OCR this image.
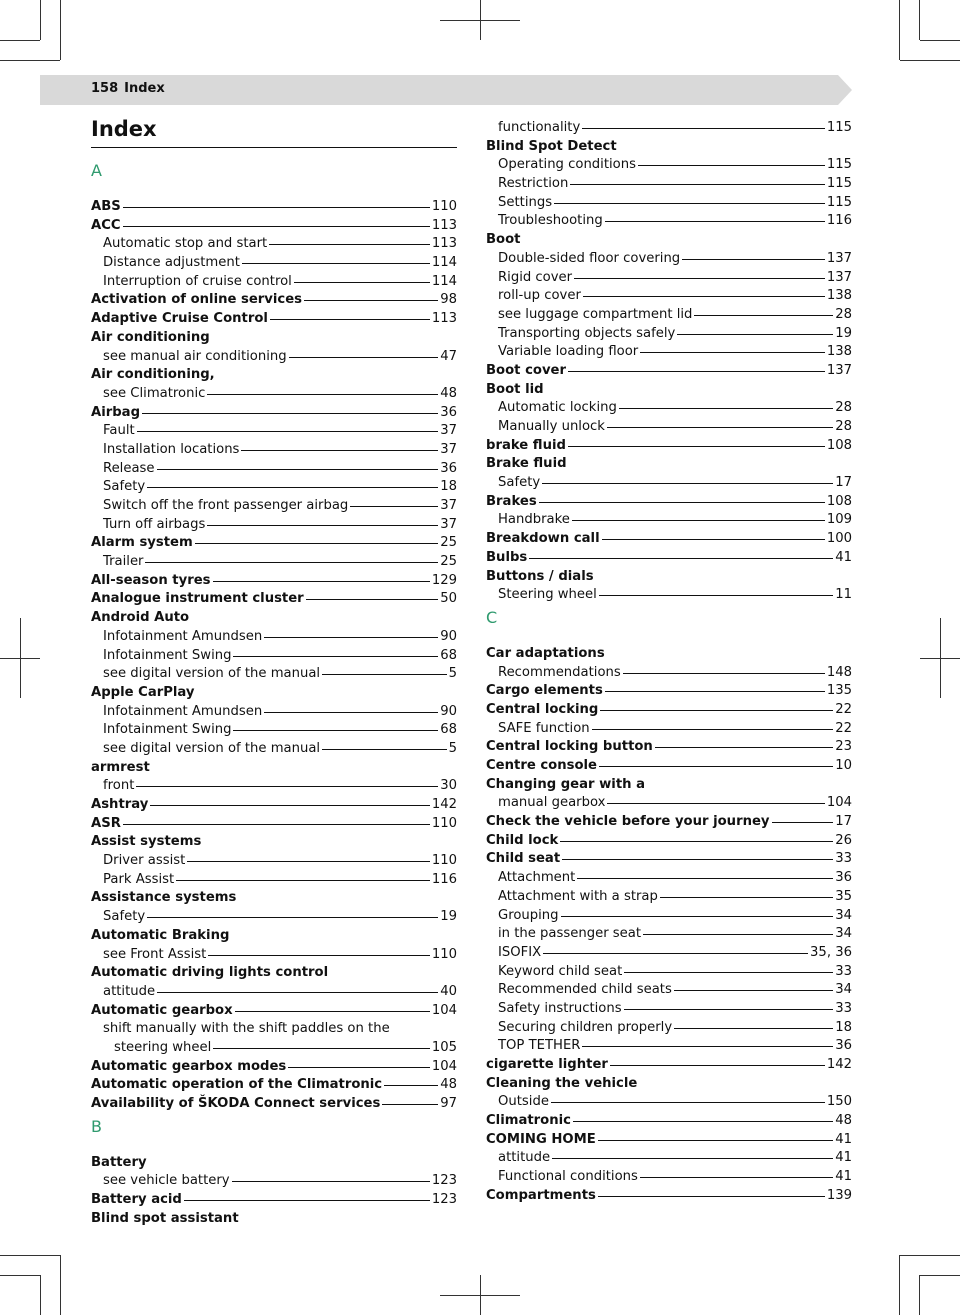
158 Index
Index
A
ABS	110
ACC	113
Automatic stop and start	113
Distance adjustment	114
Interruption of cruise control	114
Activation of online services	98
Adaptive Cruise Control	113
Air conditioning
see manual air conditioning	47
Air conditioning,
see Climatronic	48
Airbag	36
Fault	37
Installation locations	37
Release	36
Safety	18
Switch off the front passenger airbag	37
Turn off airbags	37
Alarm system	25
Trailer	25
All-season tyres	129
Analogue instrument cluster	50
Android Auto
Infotainment Amundsen	90
Infotainment Swing	68
see digital version of the manual	5
Apple CarPlay
Infotainment Amundsen	90
Infotainment Swing	68
see digital version of the manual	5
armrest
front	30
Ashtray	142
ASR	110
Assist systems
Driver assist	110
Park Assist	116
Assistance systems
Safety	19
Automatic Braking
see Front Assist	110
Automatic driving lights control
attitude	40
Automatic gearbox	104
shift manually with the shift paddles on the
steering wheel	105
Automatic gearbox modes	104
Automatic operation of the Climatronic	48
Availability of ŠKODA Connect services	97
B
Battery
see vehicle battery	123
Battery acid	123
Blind spot assistant
functionality	115
Blind Spot Detect
Operating conditions	115
Restriction	115
Settings	115
Troubleshooting	116
Boot
Double-sided floor covering	137
Rigid cover	137
roll-up cover	138
see luggage compartment lid	28
Transporting objects safely	19
Variable loading floor	138
Boot cover	137
Boot lid
Automatic locking	28
Manually unlock	28
brake fluid	108
Brake fluid
Safety	17
Brakes	108
Handbrake	109
Breakdown call	100
Bulbs	41
Buttons / dials
Steering wheel	11
C
Car adaptations
Recommendations	148
Cargo elements	135
Central locking	22
SAFE function	22
Central locking button	23
Centre console	10
Changing gear with a
manual gearbox	104
Check the vehicle before your journey	17
Child lock	26
Child seat	33
Attachment	36
Attachment with a strap	35
Grouping	34
in the passenger seat	34
ISOFIX	35, 36
Keyword child seat	33
Recommended child seats	34
Safety instructions	33
Securing children properly	18
TOP TETHER	36
cigarette lighter	142
Cleaning the vehicle
Outside	150
Climatronic	48
COMING HOME	41
attitude	41
Functional conditions	41
Compartments	139
